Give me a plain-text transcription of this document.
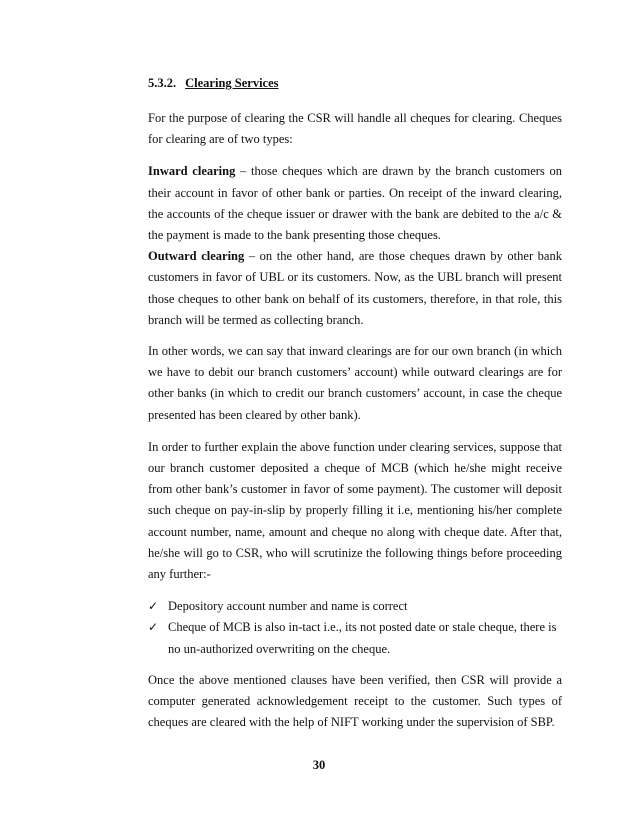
5.3.2. Clearing Services

For the purpose of clearing the CSR will handle all cheques for clearing. Cheques for clearing are of two types:

Inward clearing – those cheques which are drawn by the branch customers on their account in favor of other bank or parties. On receipt of the inward clearing, the accounts of the cheque issuer or drawer with the bank are debited to the a/c & the payment is made to the bank presenting those cheques.

Outward clearing – on the other hand, are those cheques drawn by other bank customers in favor of UBL or its customers. Now, as the UBL branch will present those cheques to other bank on behalf of its customers, therefore, in that role, this branch will be termed as collecting branch.

In other words, we can say that inward clearings are for our own branch (in which we have to debit our branch customers’ account) while outward clearings are for other banks (in which to credit our branch customers’ account, in case the cheque presented has been cleared by other bank).

In order to further explain the above function under clearing services, suppose that our branch customer deposited a cheque of MCB (which he/she might receive from other bank’s customer in favor of some payment). The customer will deposit such cheque on pay-in-slip by properly filling it i.e, mentioning his/her complete account number, name, amount and cheque no along with cheque date. After that, he/she will go to CSR, who will scrutinize the following things before proceeding any further:-

✓ Depository account number and name is correct
✓ Cheque of MCB is also in-tact i.e., its not posted date or stale cheque, there is no un-authorized overwriting on the cheque.

Once the above mentioned clauses have been verified, then CSR will provide a computer generated acknowledgement receipt to the customer. Such types of cheques are cleared with the help of NIFT working under the supervision of SBP.

30
